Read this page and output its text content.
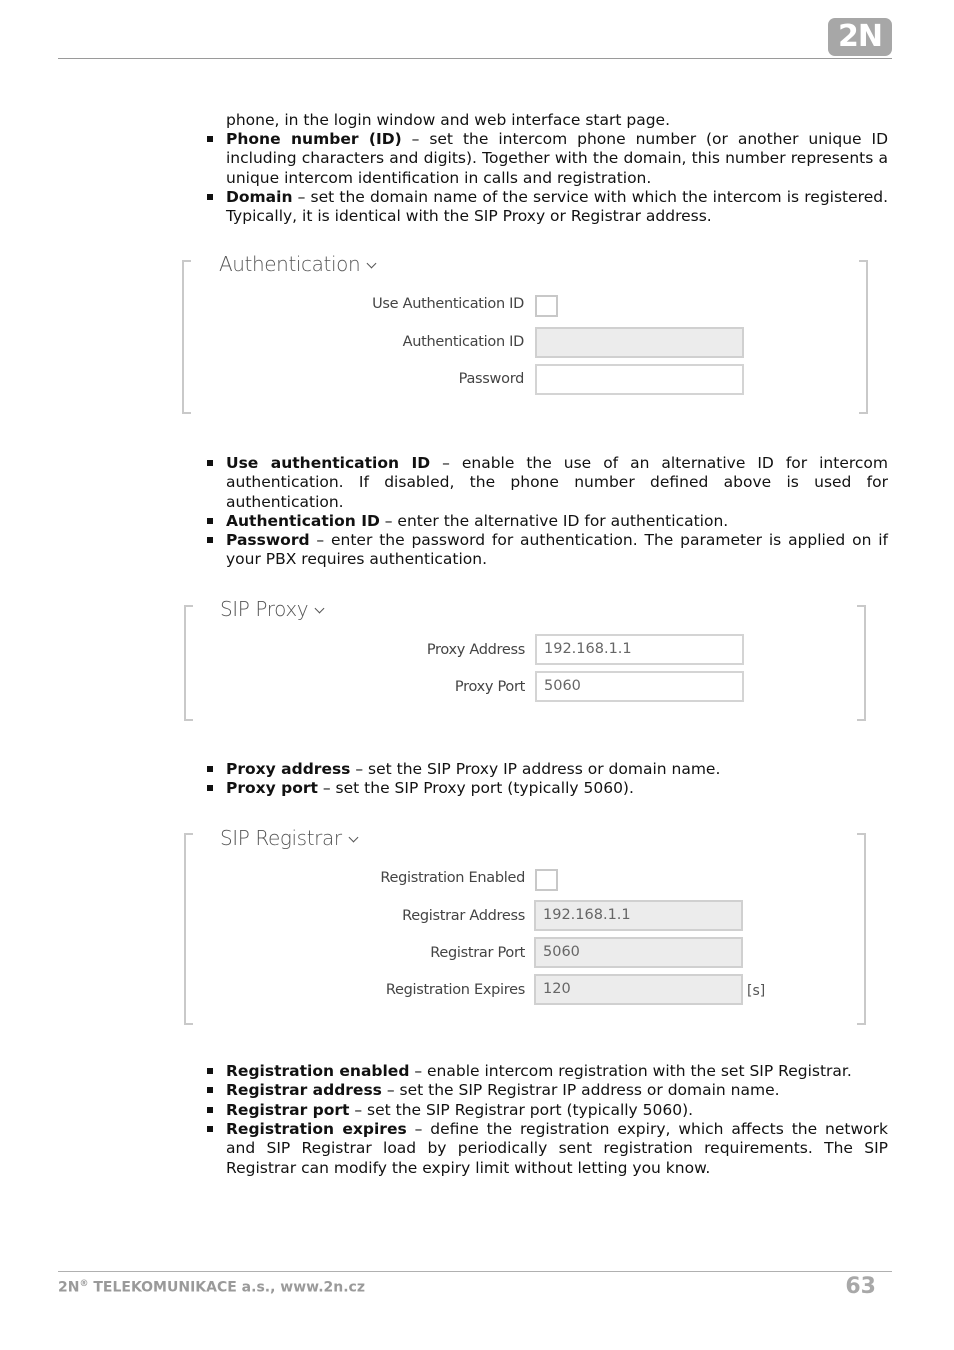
2N
phone, in the login window and web interface start page.
Phone number (ID) – set the intercom phone number (or another unique ID including characters and digits). Together with the domain, this number represents a unique intercom identification in calls and registration.
Domain – set the domain name of the service with which the intercom is registered. Typically, it is identical with the SIP Proxy or Registrar address.
Authentication
Use Authentication ID
Authentication ID
Password
Use authentication ID – enable the use of an alternative ID for intercom authentication. If disabled, the phone number defined above is used for authentication.
Authentication ID – enter the alternative ID for authentication.
Password – enter the password for authentication. The parameter is applied on if your PBX requires authentication.
SIP Proxy
Proxy Address	192.168.1.1
Proxy Port	5060
Proxy address – set the SIP Proxy IP address or domain name.
Proxy port – set the SIP Proxy port (typically 5060).
SIP Registrar
Registration Enabled
Registrar Address	192.168.1.1
Registrar Port	5060
Registration Expires	120	[s]
Registration enabled – enable intercom registration with the set SIP Registrar.
Registrar address – set the SIP Registrar IP address or domain name.
Registrar port – set the SIP Registrar port (typically 5060).
Registration expires – define the registration expiry, which affects the network and SIP Registrar load by periodically sent registration requirements. The SIP Registrar can modify the expiry limit without letting you know.
2N® TELEKOMUNIKACE a.s., www.2n.cz	63
